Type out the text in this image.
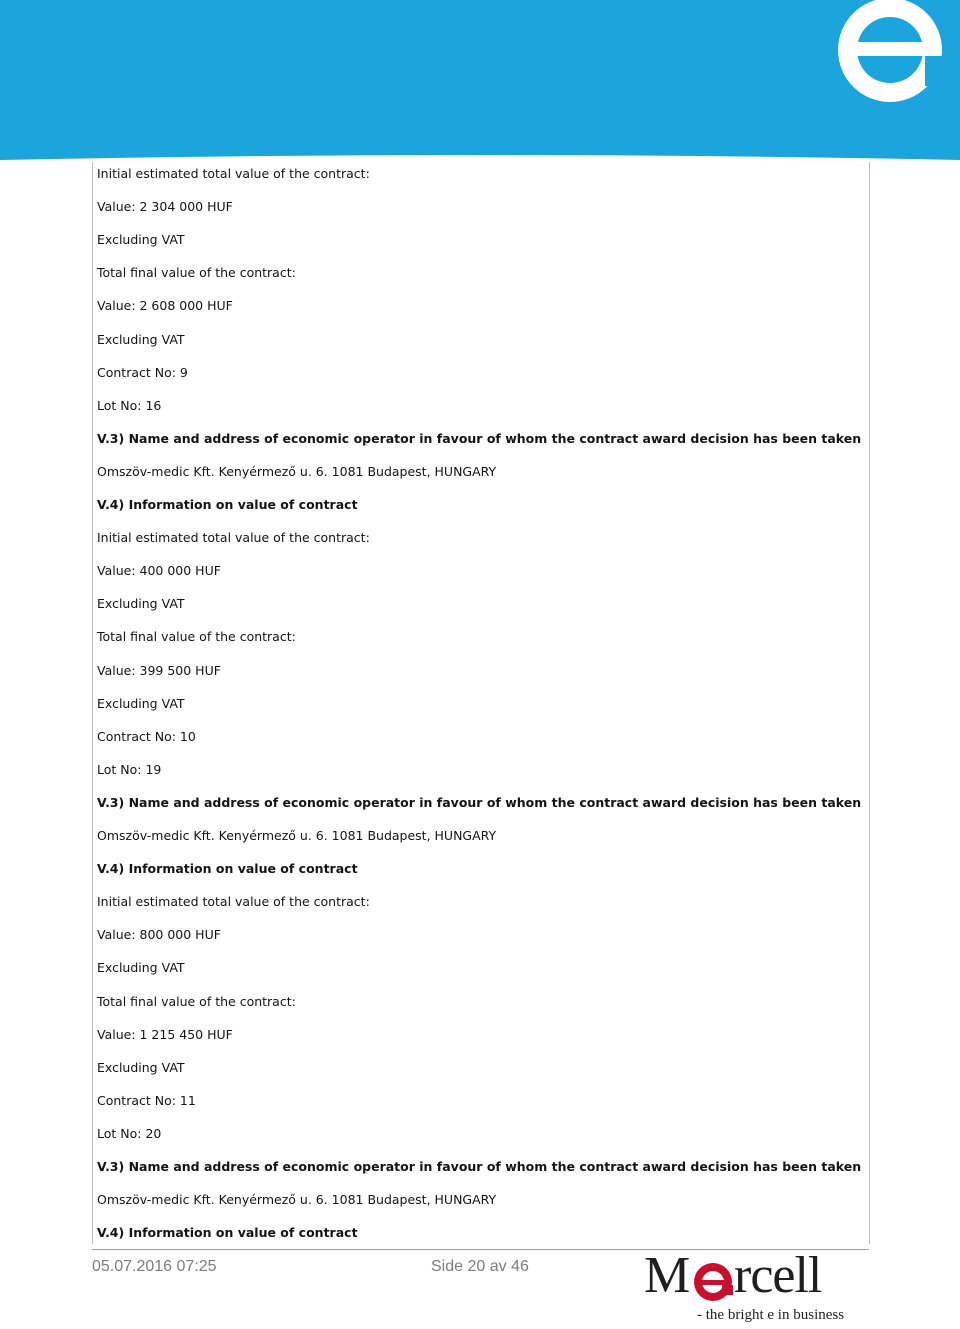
Initial estimated total value of the contract:
Value: 2 304 000 HUF
Excluding VAT
Total final value of the contract:
Value: 2 608 000 HUF
Excluding VAT
Contract No: 9
Lot No: 16
V.3) Name and address of economic operator in favour of whom the contract award decision has been taken
Omszöv-medic Kft. Kenyérmező u. 6. 1081 Budapest, HUNGARY
V.4) Information on value of contract
Initial estimated total value of the contract:
Value: 400 000 HUF
Excluding VAT
Total final value of the contract:
Value: 399 500 HUF
Excluding VAT
Contract No: 10
Lot No: 19
V.3) Name and address of economic operator in favour of whom the contract award decision has been taken
Omszöv-medic Kft. Kenyérmező u. 6. 1081 Budapest, HUNGARY
V.4) Information on value of contract
Initial estimated total value of the contract:
Value: 800 000 HUF
Excluding VAT
Total final value of the contract:
Value: 1 215 450 HUF
Excluding VAT
Contract No: 11
Lot No: 20
V.3) Name and address of economic operator in favour of whom the contract award decision has been taken
Omszöv-medic Kft. Kenyérmező u. 6. 1081 Budapest, HUNGARY
V.4) Information on value of contract
05.07.2016 07:25	Side 20 av 46 M rcell
- the bright e in business
